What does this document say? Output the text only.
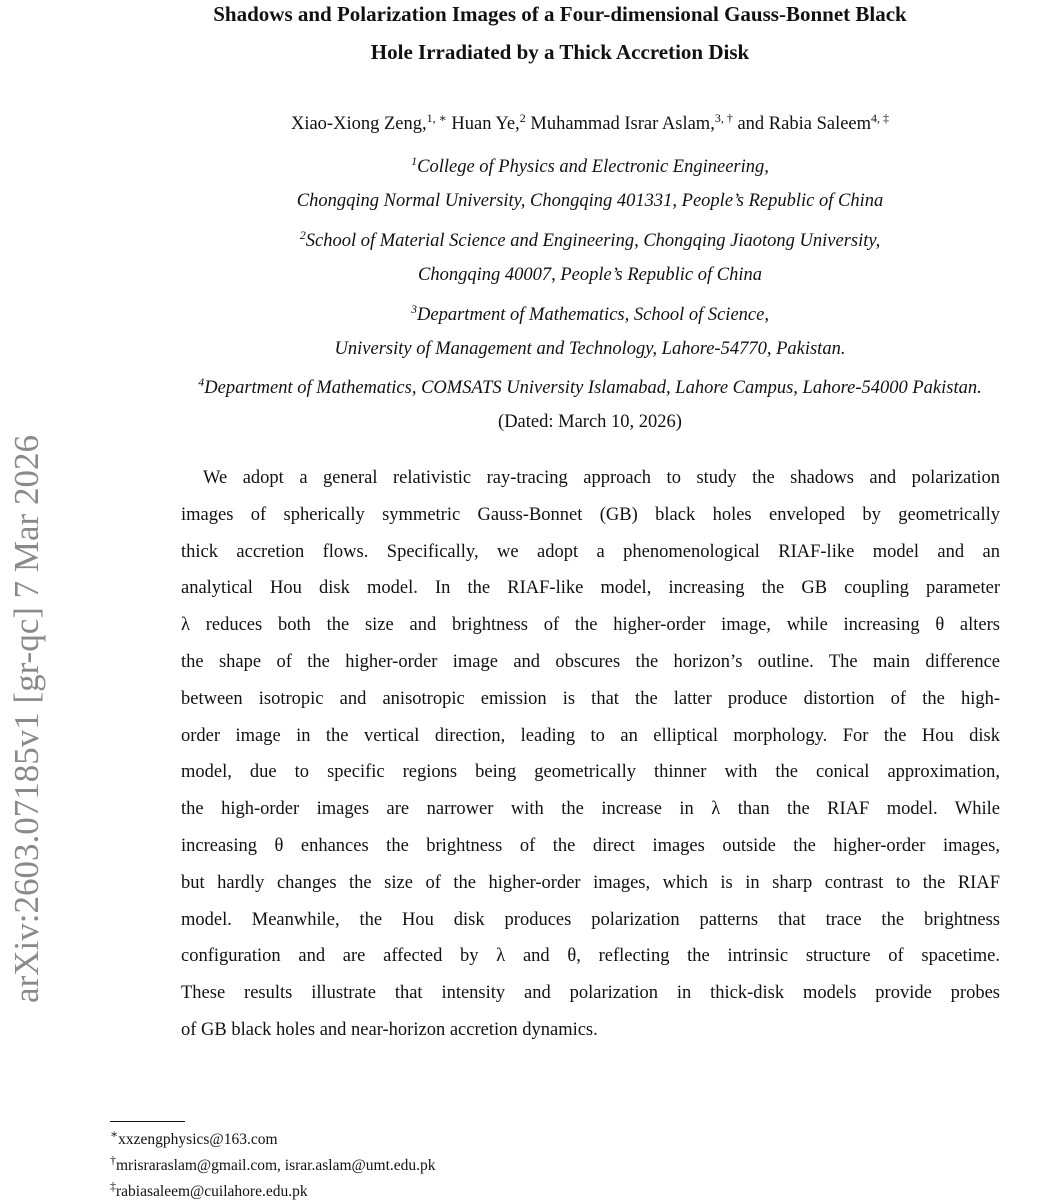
arXiv:2603.07185v1 [gr-qc] 7 Mar 2026
Shadows and Polarization Images of a Four-dimensional Gauss-Bonnet Black
Hole Irradiated by a Thick Accretion Disk
Xiao-Xiong Zeng,$^{1, ∗}$ Huan Ye,$^2$ Muhammad Israr Aslam,$^{3, \dagger}$ and Rabia Saleem$^{4, \ddagger}$
$^1$College of Physics and Electronic Engineering,
Chongqing Normal University, Chongqing 401331, People’s Republic of China
$^2$School of Material Science and Engineering, Chongqing Jiaotong University,
Chongqing 40007, People’s Republic of China
$^3$Department of Mathematics, School of Science,
University of Management and Technology, Lahore-54770, Pakistan.
$^4$Department of Mathematics, COMSATS University Islamabad, Lahore Campus, Lahore-54000 Pakistan.
(Dated: March 10, 2026)
We adopt a general relativistic ray-tracing approach to study the shadows and polarization
images of spherically symmetric Gauss-Bonnet (GB) black holes enveloped by geometrically
thick accretion flows. Specifically, we adopt a phenomenological RIAF-like model and an
analytical Hou disk model. In the RIAF-like model, increasing the GB coupling parameter
λ reduces both the size and brightness of the higher-order image, while increasing θ alters
the shape of the higher-order image and obscures the horizon’s outline. The main difference
between isotropic and anisotropic emission is that the latter produce distortion of the high-
order image in the vertical direction, leading to an elliptical morphology. For the Hou disk
model, due to specific regions being geometrically thinner with the conical approximation,
the high-order images are narrower with the increase in λ than the RIAF model. While
increasing θ enhances the brightness of the direct images outside the higher-order images,
but hardly changes the size of the higher-order images, which is in sharp contrast to the RIAF
model. Meanwhile, the Hou disk produces polarization patterns that trace the brightness
configuration and are affected by λ and θ, reflecting the intrinsic structure of spacetime.
These results illustrate that intensity and polarization in thick-disk models provide probes
of GB black holes and near-horizon accretion dynamics.
∗xxzengphysics@163.com
†mrisraraslam@gmail.com, israr.aslam@umt.edu.pk
‡rabiasaleem@cuilahore.edu.pk
